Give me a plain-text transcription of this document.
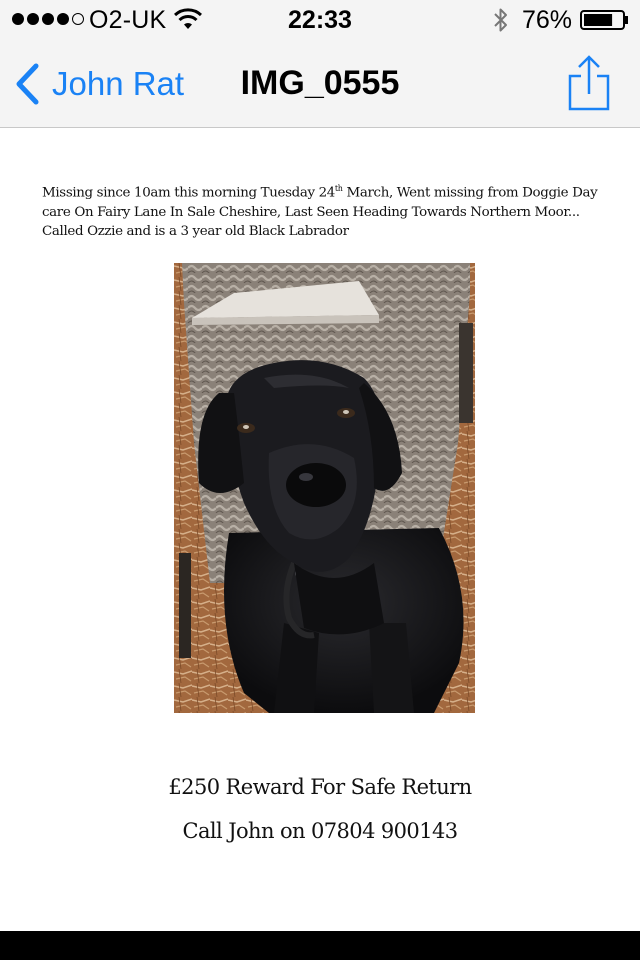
O2-UK	22:33	76%
John Rat	IMG_0555
Missing since 10am this morning Tuesday 24th March, Went missing from Doggie Day
care On Fairy Lane In Sale Cheshire, Last Seen Heading Towards Northern Moor...
Called Ozzie and is a 3 year old Black Labrador
£250 Reward For Safe Return
Call John on 07804 900143
